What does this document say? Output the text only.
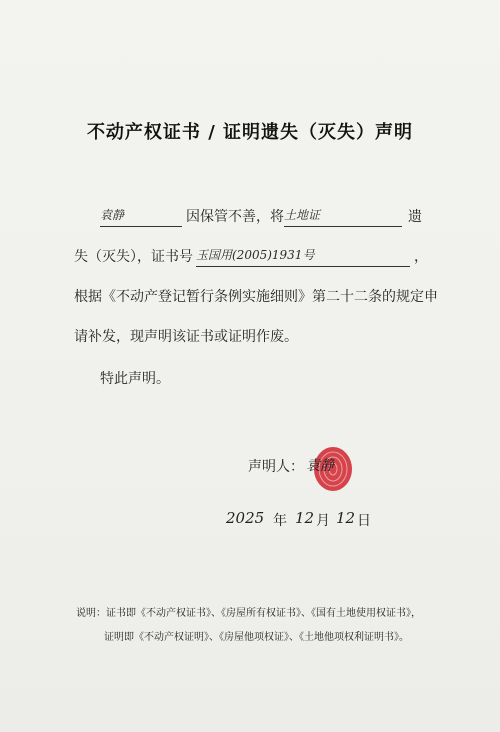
不动产权证书 / 证明遗失（灭失）声明
袁静	因保管不善，将 土地证	遗
失（灭失），证书号 玉国用(2005)1931号	，
根据《不动产登记暂行条例实施细则》第二十二条的规定申
请补发，现声明该证书或证明作废。
特此声明。
声明人： 袁静
2025 年 12 月 12 日
说明：证书即《不动产权证书》、《房屋所有权证书》、《国有土地使用权证书》，
证明即《不动产权证明》、《房屋他项权证》、《土地他项权利证明书》。
